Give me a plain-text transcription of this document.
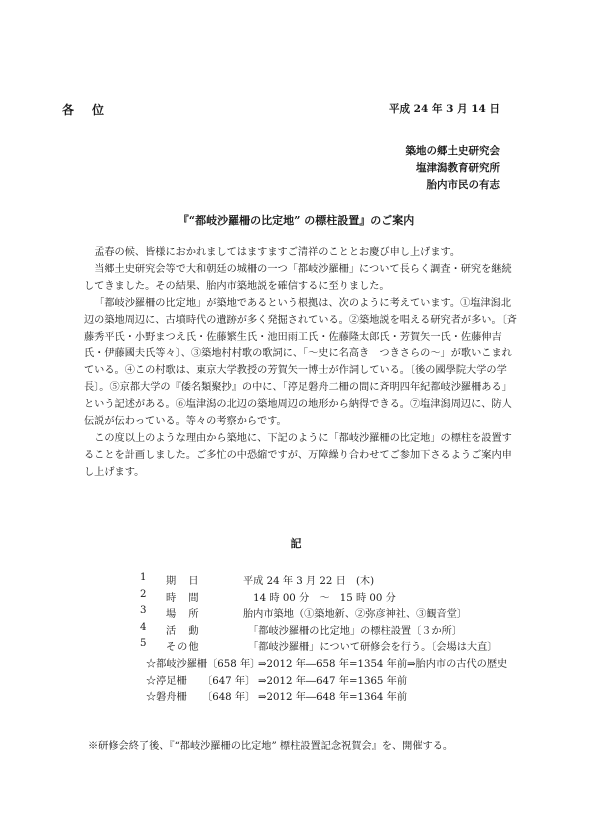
各　位	平成 24 年 3 月 14 日
築地の郷土史研究会
塩津潟教育研究所
胎内市民の有志
『“都岐沙羅柵の比定地” の標柱設置』のご案内

孟春の候、皆様におかれましてはますますご清祥のこととお慶び申し上げます。

当郷土史研究会等で大和朝廷の城柵の一つ「都岐沙羅柵」について長らく調査・研究を継続してきました。その結果、胎内市築地説を確信するに至りました。

「都岐沙羅柵の比定地」が築地であるという根拠は、次のように考えています。①塩津潟北辺の築地周辺に、古墳時代の遺跡が多く発掘されている。②築地説を唱える研究者が多い。〔斉藤秀平氏・小野まつえ氏・佐藤繁生氏・池田雨工氏・佐藤隆太郎氏・芳賀矢一氏・佐藤伸吉氏・伊藤國夫氏等々〕、③築地村村歌の歌詞に、「～史に名高き　つきさらの～」が歌いこまれている。④この村歌は、東京大学教授の芳賀矢一博士が作詞している。〔後の國學院大学の学長〕。⑤京都大学の『倭名類聚抄』の中に、「渟足磐舟二柵の間に斉明四年紀都岐沙羅柵ある」という記述がある。⑥塩津潟の北辺の築地周辺の地形から納得できる。⑦塩津潟周辺に、防人伝説が伝わっている。等々の考察からです。

この度以上のような理由から築地に、下記のように「都岐沙羅柵の比定地」の標柱を設置することを計画しました。ご多忙の中恐縮ですが、万障繰り合わせてご参加下さるようご案内申し上げます。

記
1	期　日	平成 24 年 3 月 22 日　(木)
2	時　間	　14 時 00 分　～　15 時 00 分
3	場　所	胎内市築地（①築地新、②弥彦神社、③観音堂〕
4	活　動	　「都岐沙羅柵の比定地」の標柱設置〔３か所〕
5	その他	　「都岐沙羅柵」について研修会を行う。〔会場は大直〕
☆都岐沙羅柵〔658 年〕
⇒2012 年―658 年=1354 年前⇒胎内市の古代の歴史
☆渟足柵　　〔647 年〕 ⇒2012 年―647 年=1365 年前
☆磐舟柵　　〔648 年〕 ⇒2012 年―648 年=1364 年前
※研修会終了後、『“都岐沙羅柵の比定地” 標柱設置記念祝賀会』を、開催する。
